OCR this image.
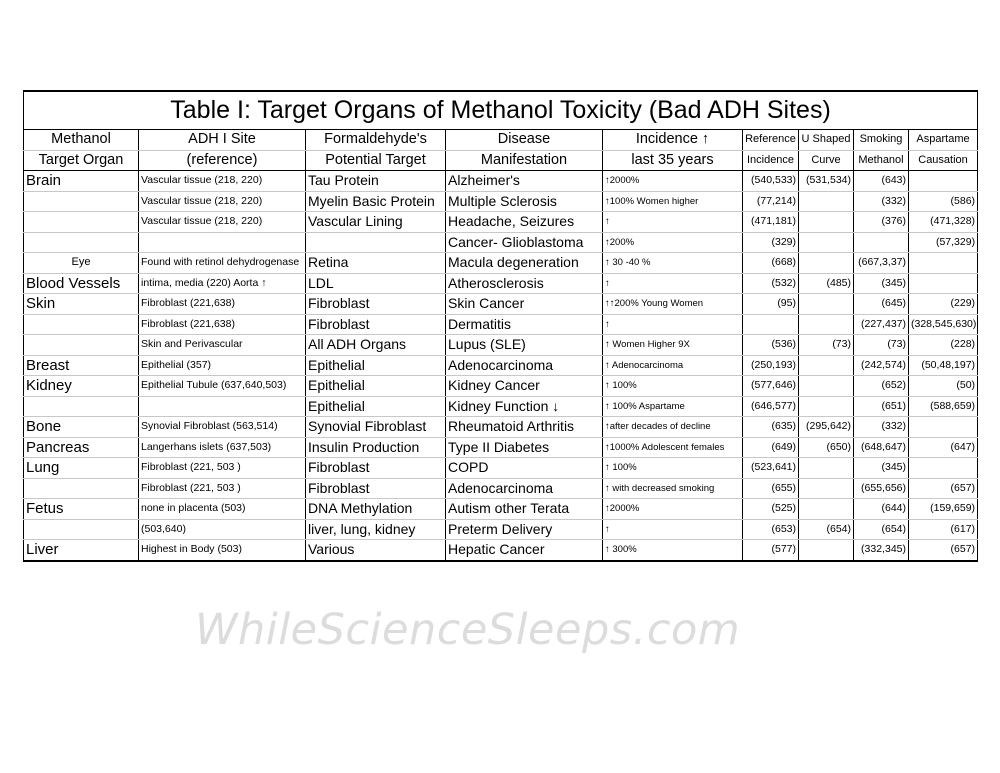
Table I: Target Organs of Methanol Toxicity (Bad ADH Sites)								
Methanol	ADH I Site	Formaldehyde's	Disease	Incidence ↑	Reference	U Shaped	Smoking	Aspartame
Target Organ	(reference)	Potential Target	Manifestation	last 35 years	Incidence	Curve	Methanol	Causation
Brain	Vascular tissue (218, 220)	Tau Protein	Alzheimer's	↑2000%	(540,533)	(531,534)	(643)	
	Vascular tissue (218, 220)	Myelin Basic Protein	Multiple Sclerosis	↑100% Women higher	(77,214)		(332)	(586)
	Vascular tissue (218, 220)	Vascular Lining	Headache, Seizures	↑	(471,181)		(376)	(471,328)
			Cancer- Glioblastoma	↑200%	(329)			(57,329)
Eye	Found with retinol dehydrogenase	Retina	Macula degeneration	↑ 30 -40 %	(668)		(667,3,37)	
Blood Vessels	intima, media (220) Aorta ↑	LDL	Atherosclerosis	↑	(532)	(485)	(345)	
Skin	Fibroblast (221,638)	Fibroblast	Skin Cancer	↑↑200% Young Women	(95)		(645)	(229)
	Fibroblast (221,638)	Fibroblast	Dermatitis	↑			(227,437)	(328,545,630)
	Skin and Perivascular	All ADH Organs	Lupus (SLE)	↑ Women Higher 9X	(536)	(73)	(73)	(228)
Breast	Epithelial (357)	Epithelial	Adenocarcinoma	↑ Adenocarcinoma	(250,193)		(242,574)	(50,48,197)
Kidney	Epithelial Tubule (637,640,503)	Epithelial	Kidney Cancer	↑ 100%	(577,646)		(652)	(50)
		Epithelial	Kidney Function ↓	↑ 100% Aspartame	(646,577)		(651)	(588,659)
Bone	Synovial Fibroblast (563,514)	Synovial Fibroblast	Rheumatoid Arthritis	↑after decades of decline	(635)	(295,642)	(332)	
Pancreas	Langerhans islets (637,503)	Insulin Production	Type II Diabetes	↑1000% Adolescent females	(649)	(650)	(648,647)	(647)
Lung	Fibroblast (221, 503 )	Fibroblast	COPD	↑ 100%	(523,641)		(345)	
	Fibroblast (221, 503 )	Fibroblast	Adenocarcinoma	↑ with decreased smoking	(655)		(655,656)	(657)
Fetus	none in placenta (503)	DNA Methylation	Autism other Terata	↑2000%	(525)		(644)	(159,659)
	(503,640)	liver, lung, kidney	Preterm Delivery	↑	(653)	(654)	(654)	(617)
Liver	Highest in Body (503)	Various	Hepatic Cancer	↑ 300%	(577)		(332,345)	(657)
WhileScienceSleeps.com
